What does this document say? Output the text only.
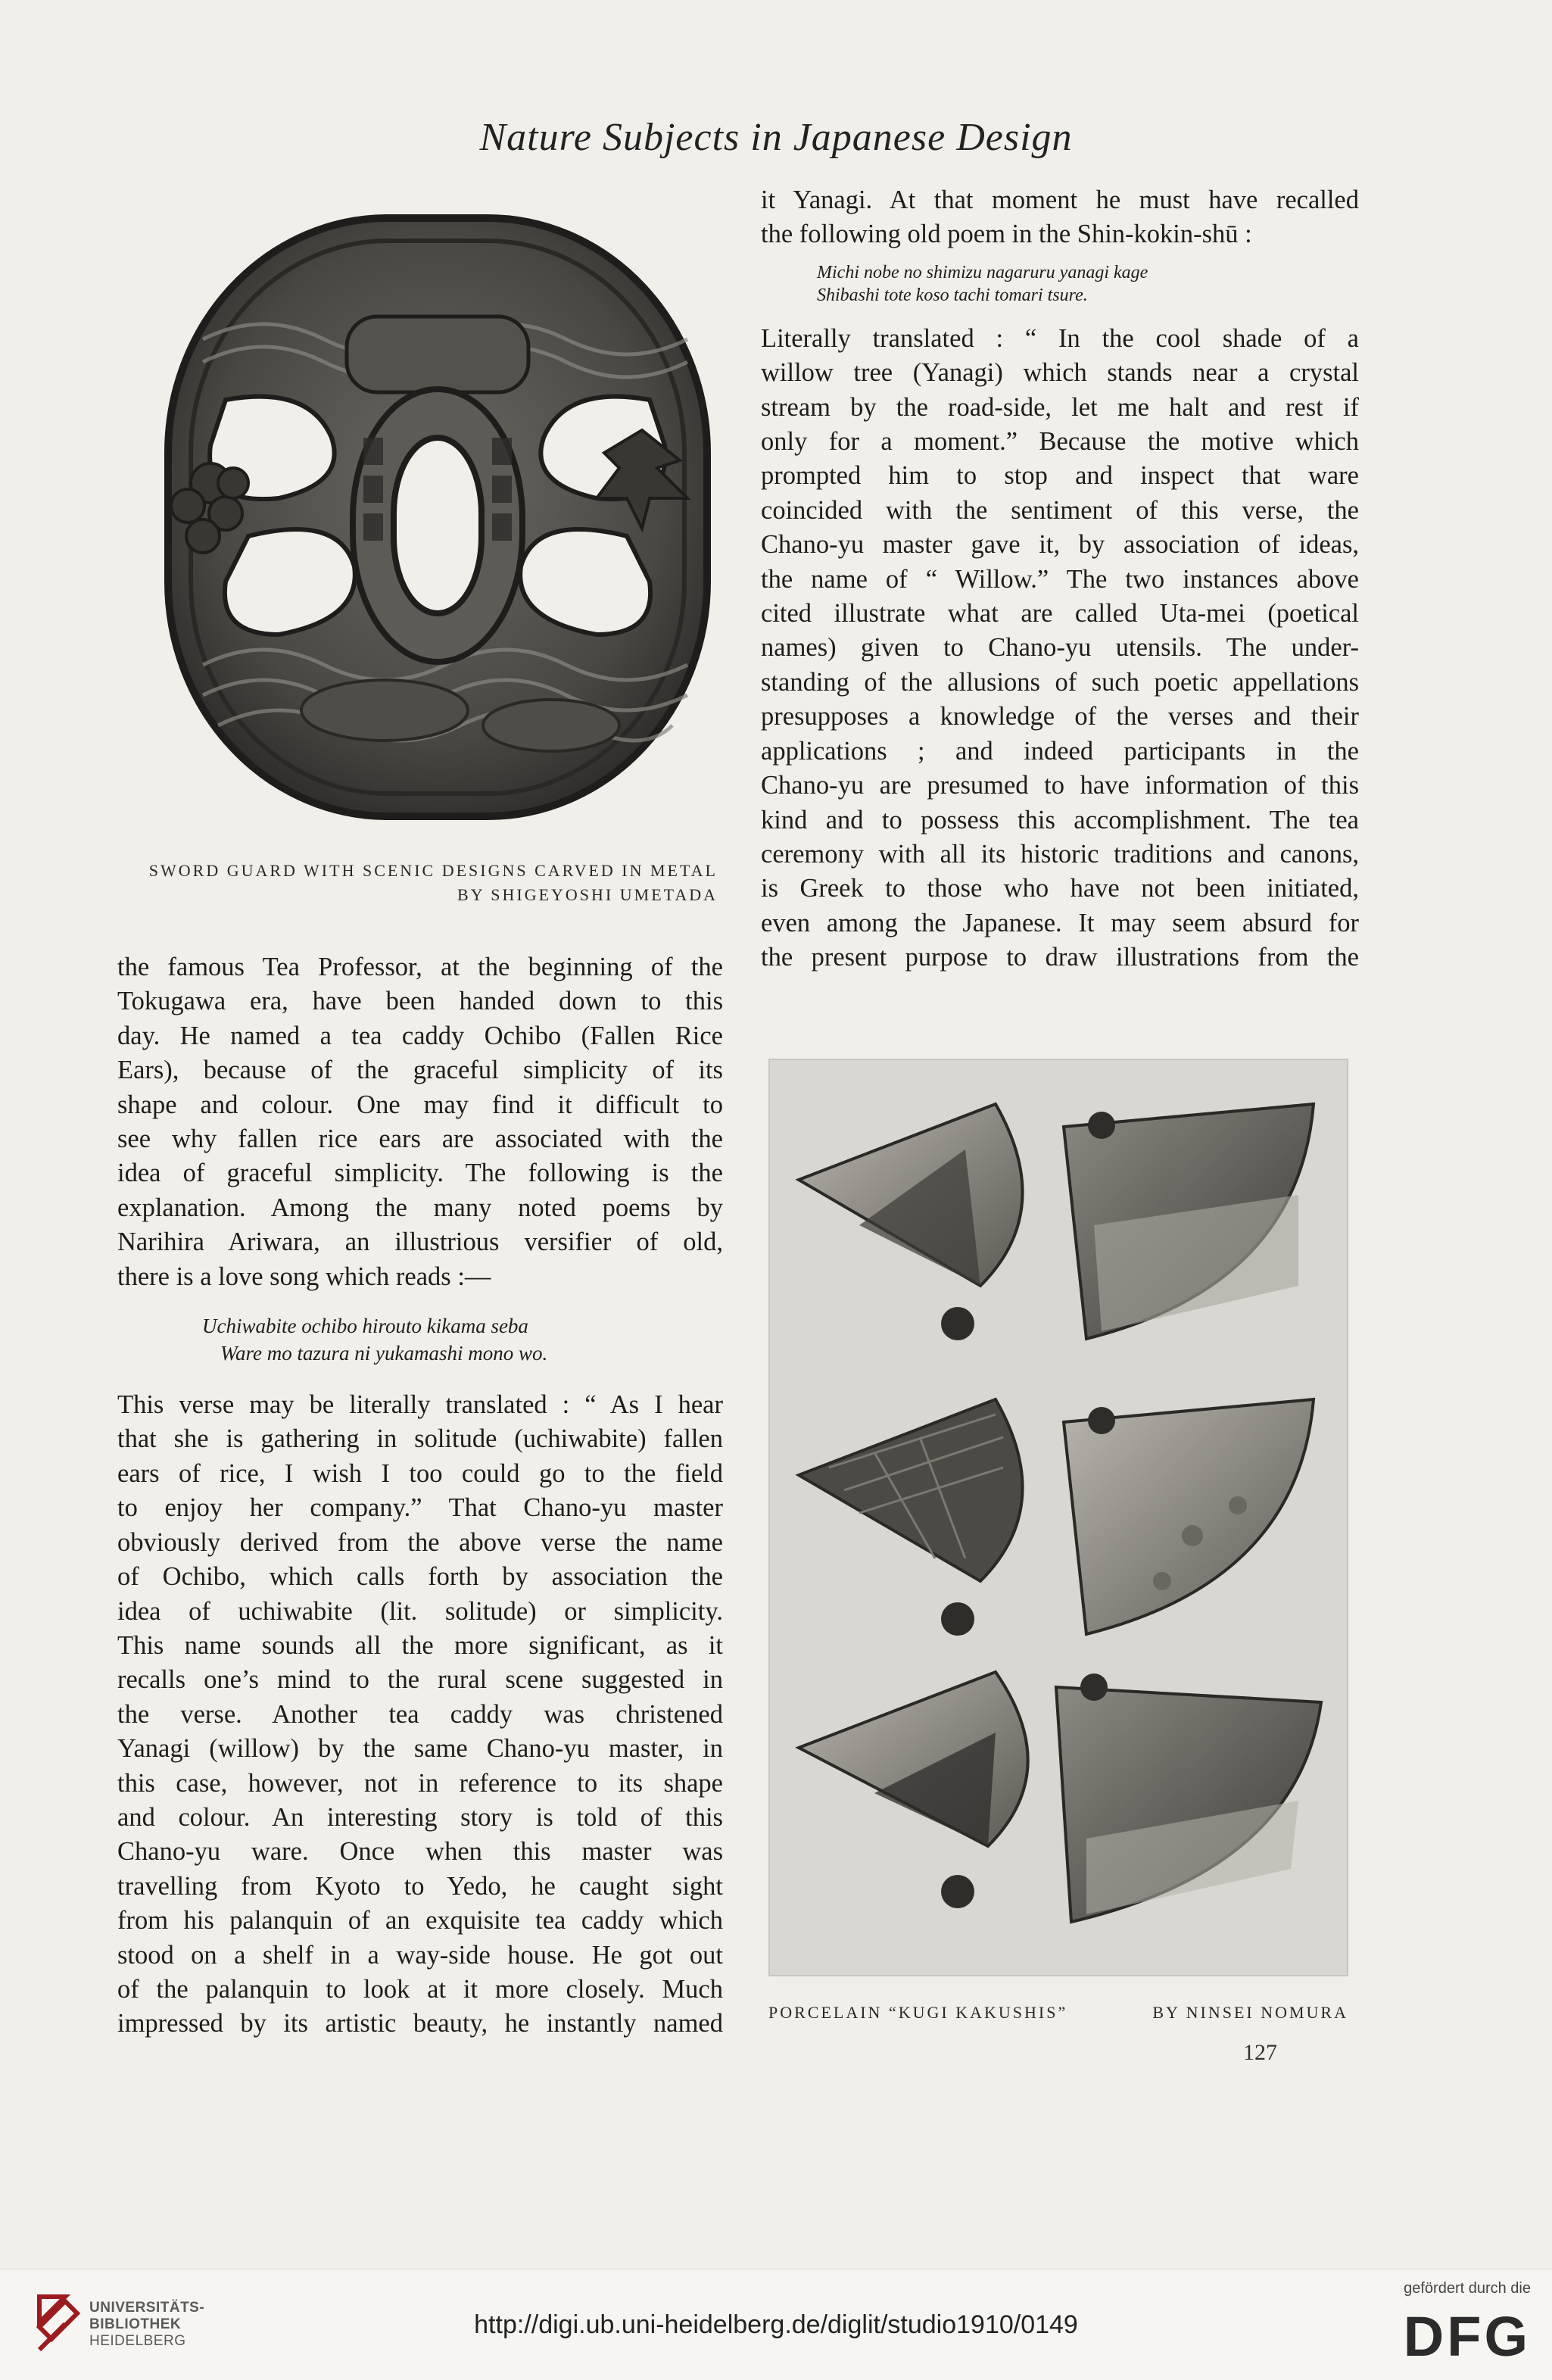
Nature Subjects in Japanese Design
SWORD GUARD WITH SCENIC DESIGNS CARVED IN METAL
BY SHIGEYOSHI UMETADA

the famous Tea Professor, at the beginning of the
Tokugawa era, have been handed down to this
day. He named a tea caddy Ochibo (Fallen Rice
Ears), because of the graceful simplicity of its
shape and colour. One may find it difficult to
see why fallen rice ears are associated with the
idea of graceful simplicity. The following is the
explanation. Among the many noted poems by
Narihira Ariwara, an illustrious versifier of old,
there is a love song which reads :—

Uchiwabite ochibo hirouto kikama seba
Ware mo tazura ni yukamashi mono wo.

This verse may be literally translated : “ As I hear
that she is gathering in solitude (uchiwabite) fallen
ears of rice, I wish I too could go to the field
to enjoy her company.” That Chano-yu master
obviously derived from the above verse the name
of Ochibo, which calls forth by association the
idea of uchiwabite (lit. solitude) or simplicity.
This name sounds all the more significant, as it
recalls one’s mind to the rural scene suggested in
the verse. Another tea caddy was christened
Yanagi (willow) by the same Chano-yu master, in
this case, however, not in reference to its shape
and colour. An interesting story is told of this
Chano-yu ware. Once when this master was
travelling from Kyoto to Yedo, he caught sight
from his palanquin of an exquisite tea caddy which
stood on a shelf in a way-side house. He got out
of the palanquin to look at it more closely. Much
impressed by its artistic beauty, he instantly named

it Yanagi. At that moment he must have recalled
the following old poem in the Shin-kokin-shū :

Michi nobe no shimizu nagaruru yanagi kage
Shibashi tote koso tachi tomari tsure.

Literally translated : “ In the cool shade of a
willow tree (Yanagi) which stands near a crystal
stream by the road-side, let me halt and rest if
only for a moment.” Because the motive which
prompted him to stop and inspect that ware
coincided with the sentiment of this verse, the
Chano-yu master gave it, by association of ideas,
the name of “ Willow.” The two instances above
cited illustrate what are called Uta-mei (poetical
names) given to Chano-yu utensils. The under-
standing of the allusions of such poetic appellations
presupposes a knowledge of the verses and their
applications ; and indeed participants in the
Chano-yu are presumed to have information of this
kind and to possess this accomplishment. The tea
ceremony with all its historic traditions and canons,
is Greek to those who have not been initiated,
even among the Japanese. It may seem absurd for
the present purpose to draw illustrations from the

PORCELAIN “KUGI KAKUSHIS”	BY NINSEI NOMURA
127
UNIVERSITÄTS-
BIBLIOTHEK
HEIDELBERG
http://digi.ub.uni-heidelberg.de/diglit/studio1910/0149
gefördert durch die
DFG
